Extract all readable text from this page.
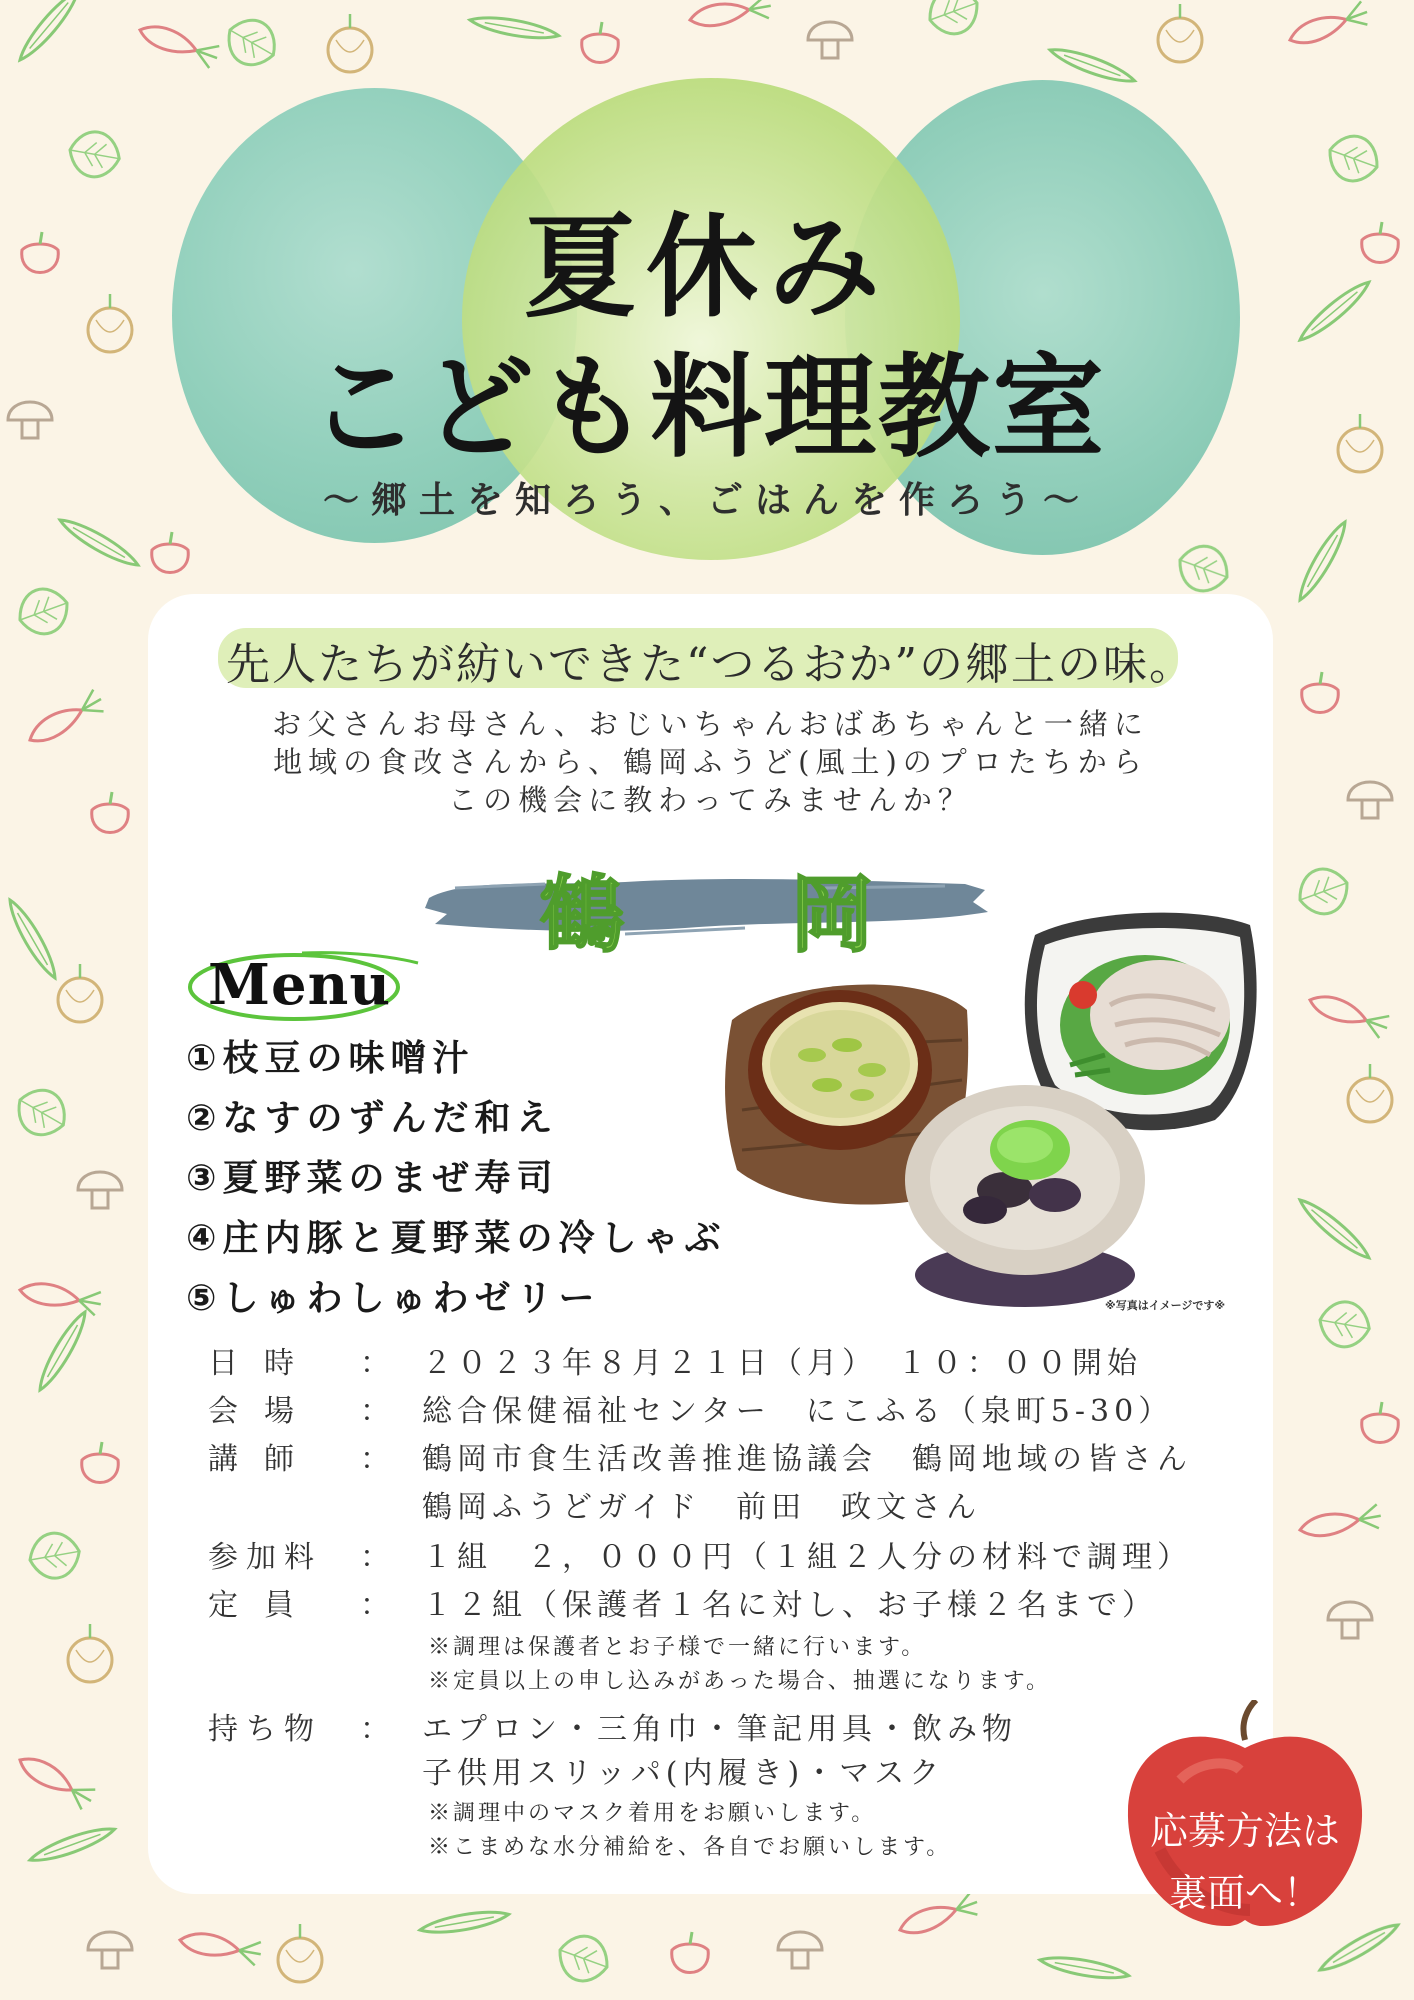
夏休み
こども料理教室
〜郷土を知ろう、ごはんを作ろう〜
先人たちが紡いできた“つるおか”の郷土の味。
お父さんお母さん、おじいちゃんおばあちゃんと一緒に
地域の食改さんから、鶴岡ふうど(風土)のプロたちから
この機会に教わってみませんか？
鶴 岡
Menu
①枝豆の味噌汁
②なすのずんだ和え
③夏野菜のまぜ寿司
④庄内豚と夏野菜の冷しゃぶ
⑤しゅわしゅわゼリー	※写真はイメージです※
日時 ： ２０２３年８月２１日（月）　１０：００開始
会場 ： 総合保健福祉センター　にこふる（泉町5-30）
講師 ： 鶴岡市食生活改善推進協議会　鶴岡地域の皆さん
鶴岡ふうどガイド　前田　政文さん
参加料 ： １組　２，０００円（１組２人分の材料で調理）
定員 ： １２組（保護者１名に対し、お子様２名まで）
※調理は保護者とお子様で一緒に行います。
※定員以上の申し込みがあった場合、抽選になります。
持ち物 ： エプロン・三角巾・筆記用具・飲み物
子供用スリッパ(内履き)・マスク
※調理中のマスク着用をお願いします。
※こまめな水分補給を、各自でお願いします。	応募方法は
裏面へ！
